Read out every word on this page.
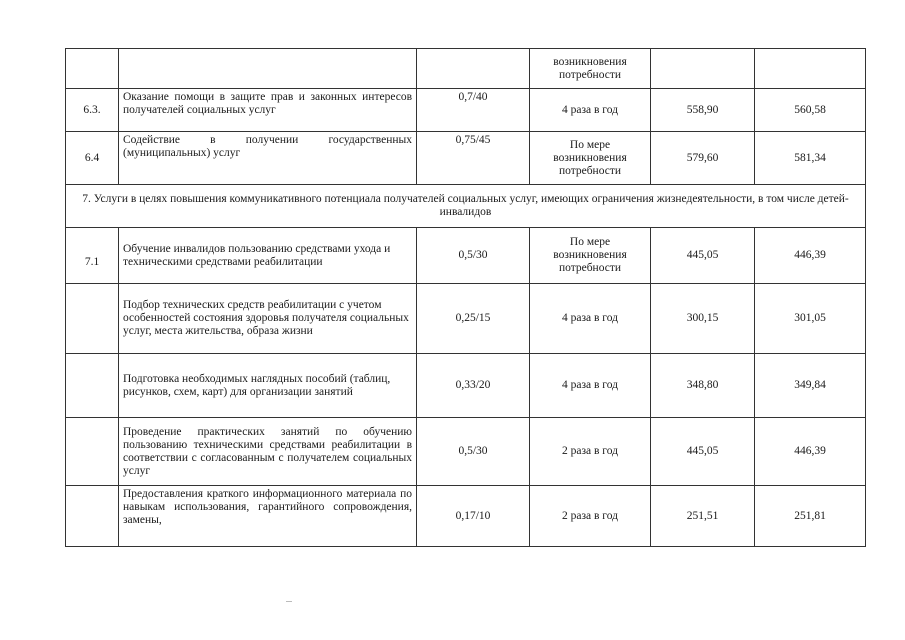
			возникновения потребности		
6.3.	Оказание помощи в защите прав и законных интересов получателей социальных услуг	0,7/40	4 раза в год	558,90	560,58
6.4	Содействие в получении государственных (муниципальных) услуг	0,75/45	По мере возникновения потребности	579,60	581,34
7. Услуги в целях повышения коммуникативного потенциала получателей социальных услуг, имеющих ограничения жизнедеятельности, в том числе детей-инвалидов					
7.1	Обучение инвалидов пользованию средствами ухода и техническими средствами реабилитации	0,5/30	По мере возникновения потребности	445,05	446,39
	Подбор технических средств реабилитации с учетом особенностей состояния здоровья получателя социальных услуг, места жительства, образа жизни	0,25/15	4 раза в год	300,15	301,05
	Подготовка необходимых наглядных пособий (таблиц, рисунков, схем, карт) для организации занятий	0,33/20	4 раза в год	348,80	349,84
	Проведение практических занятий по обучению пользованию техническими средствами реабилитации в соответствии с согласованным с получателем социальных услуг	0,5/30	2 раза в год	445,05	446,39
	Предоставления краткого информационного материала по навыкам использования, гарантийного сопровождения, замены,	0,17/10	2 раза в год	251,51	251,81
